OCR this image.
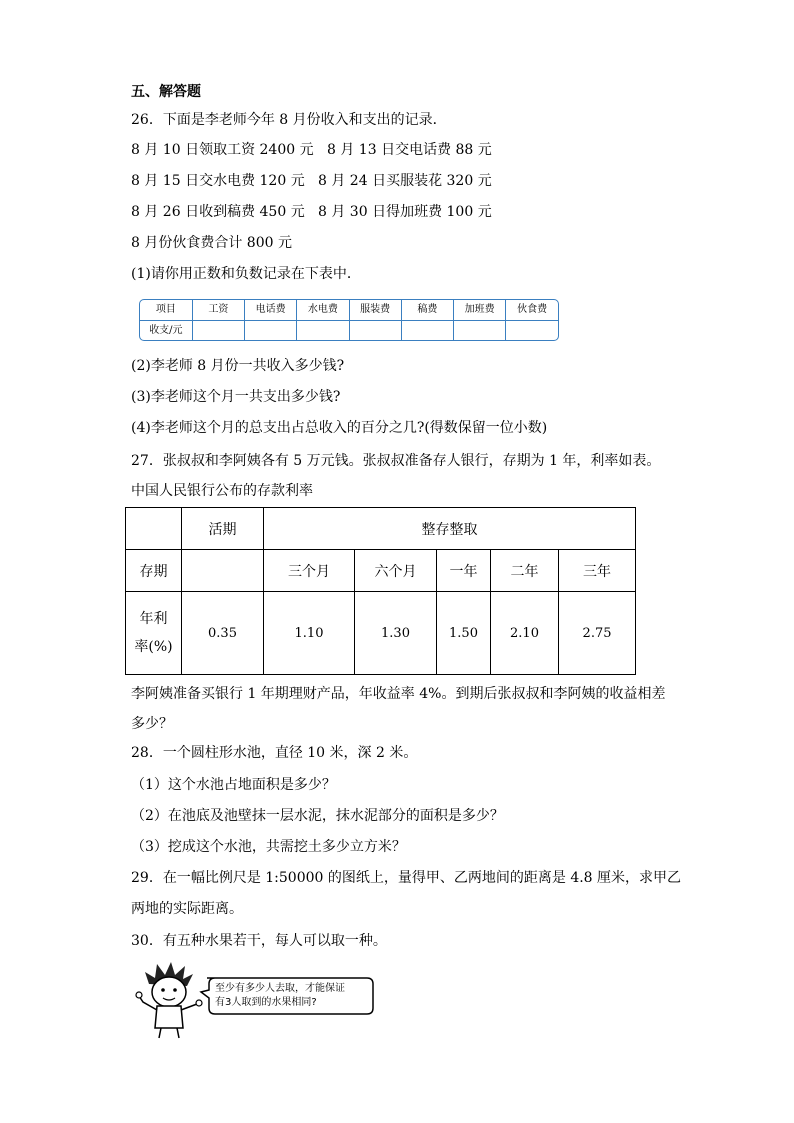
五、解答题
26．下面是李老师今年 8 月份收入和支出的记录．
8 月 10 日领取工资 2400 元 8 月 13 日交电话费 88 元
8 月 15 日交水电费 120 元 8 月 24 日买服装花 320 元
8 月 26 日收到稿费 450 元 8 月 30 日得加班费 100 元
8 月份伙食费合计 800 元
(1)请你用正数和负数记录在下表中．
项目	工资	电话费	水电费	服装费	稿费	加班费	伙食费
收支/元							
(2)李老师 8 月份一共收入多少钱?
(3)李老师这个月一共支出多少钱?
(4)李老师这个月的总支出占总收入的百分之几?(得数保留一位小数)
27．张叔叔和李阿姨各有 5 万元钱。张叔叔准备存人银行，存期为 1 年，利率如表。
中国人民银行公布的存款利率
	活期	整存整取				
存期		三个月	六个月	一年	二年	三年
年利
率(%)	0.35	1.10	1.30	1.50	2.10	2.75
李阿姨准备买银行 1 年期理财产品，年收益率 4%。到期后张叔叔和李阿姨的收益相差
多少？
28．一个圆柱形水池，直径 10 米，深 2 米。
（1）这个水池占地面积是多少？
（2）在池底及池壁抹一层水泥，抹水泥部分的面积是多少？
（3）挖成这个水池，共需挖土多少立方米？
29．在一幅比例尺是 1:50000 的图纸上，量得甲、乙两地间的距离是 4.8 厘米，求甲乙
两地的实际距离。
30．有五种水果若干，每人可以取一种。
至少有多少人去取，才能保证
有3人取到的水果相同?
